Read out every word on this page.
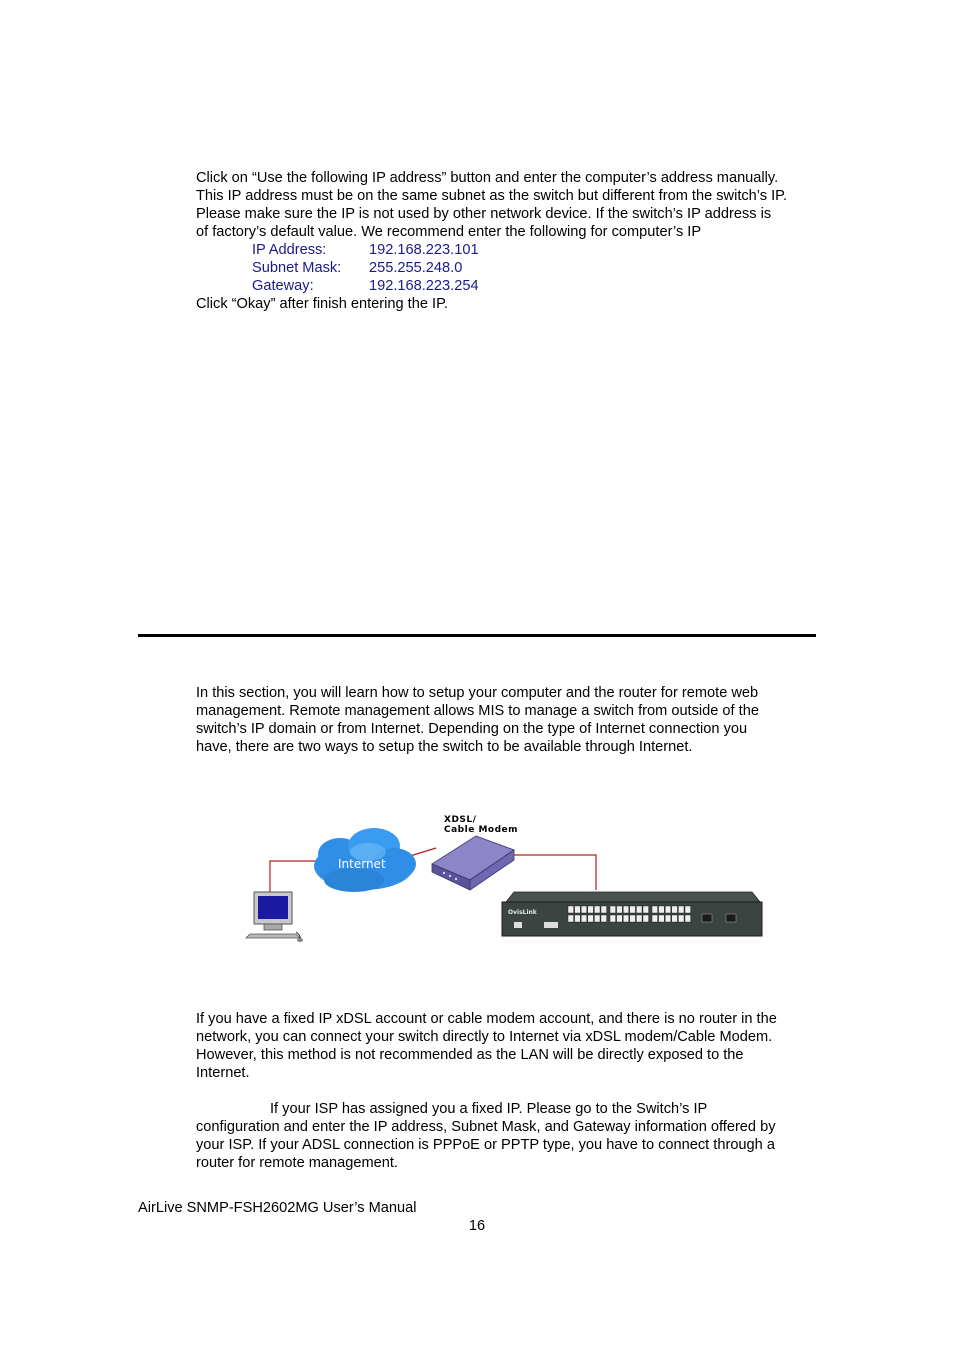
Click on “Use the following IP address” button and enter the computer’s address manually.

This IP address must be on the same subnet as the switch but different from the switch’s IP.

Please make sure the IP is not used by other network device. If the switch’s IP address is

of factory’s default value. We recommend enter the following for computer’s IP

IP Address:	192.168.223.101
Subnet Mask: 255.255.248.0
Gateway:	192.168.223.254

Click “Okay” after finish entering the IP.

In this section, you will learn how to setup your computer and the router for remote web

management. Remote management allows MIS to manage a switch from outside of the

switch’s IP domain or from Internet. Depending on the type of Internet connection you

have, there are two ways to setup the switch to be available through Internet.

OvisLink
XDSL/
Cable Modem
Internet

If you have a fixed IP xDSL account or cable modem account, and there is no router in the

network, you can connect your switch directly to Internet via xDSL modem/Cable Modem.

However, this method is not recommended as the LAN will be directly exposed to the

Internet.

If your ISP has assigned you a fixed IP. Please go to the Switch’s IP

configuration and enter the IP address, Subnet Mask, and Gateway information offered by

your ISP. If your ADSL connection is PPPoE or PPTP type, you have to connect through a

router for remote management.

AirLive SNMP-FSH2602MG User’s Manual
16
